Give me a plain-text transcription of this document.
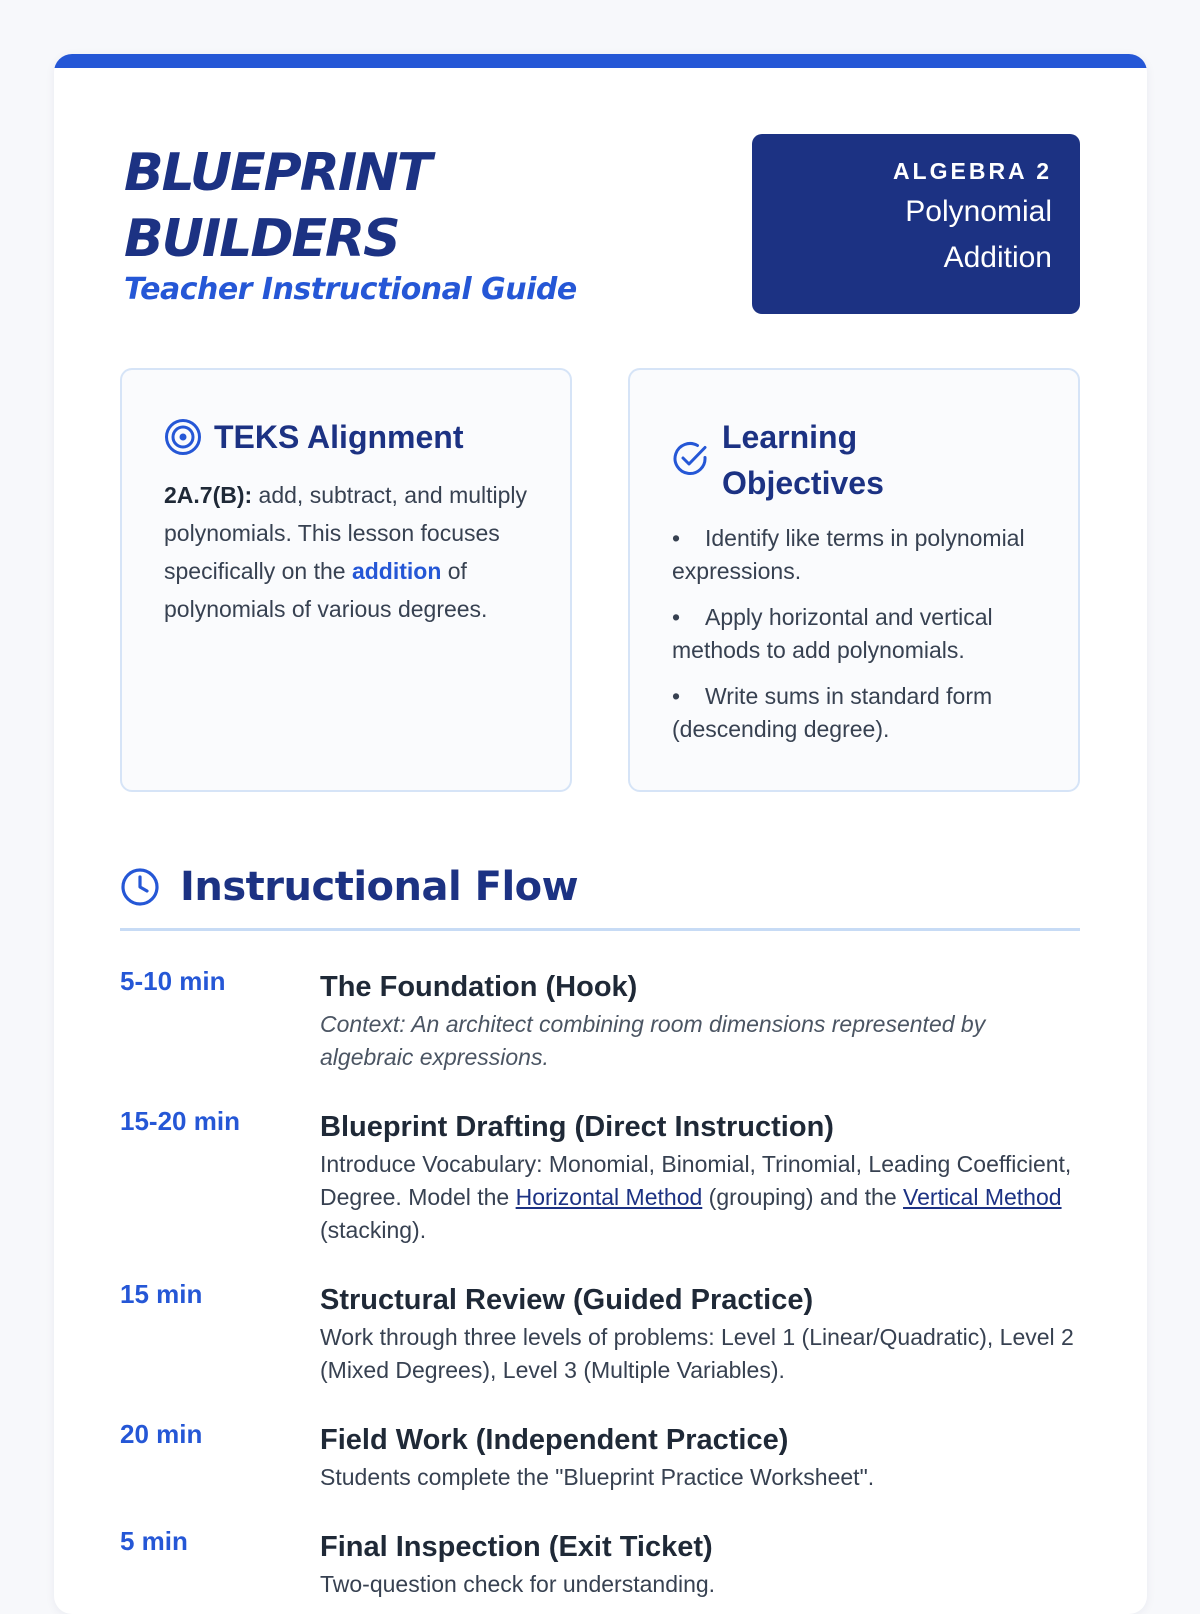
BLUEPRINT
BUILDERS
Teacher Instructional Guide
ALGEBRA 2
Polynomial
Addition
TEKS Alignment
2A.7(B): add, subtract, and multiply polynomials. This lesson focuses specifically on the addition of polynomials of various degrees.
Learning
Objectives
• Identify like terms in polynomial expressions.
• Apply horizontal and vertical methods to add polynomials.
• Write sums in standard form (descending degree).
Instructional Flow
5-10 min	The Foundation (Hook)
Context: An architect combining room dimensions represented by algebraic expressions.
15-20 min	Blueprint Drafting (Direct Instruction)
Introduce Vocabulary: Monomial, Binomial, Trinomial, Leading Coefficient, Degree. Model the Horizontal Method (grouping) and the Vertical Method (stacking).
15 min	Structural Review (Guided Practice)
Work through three levels of problems: Level 1 (Linear/Quadratic), Level 2 (Mixed Degrees), Level 3 (Multiple Variables).
20 min	Field Work (Independent Practice)
Students complete the "Blueprint Practice Worksheet".
5 min	Final Inspection (Exit Ticket)
Two-question check for understanding.
